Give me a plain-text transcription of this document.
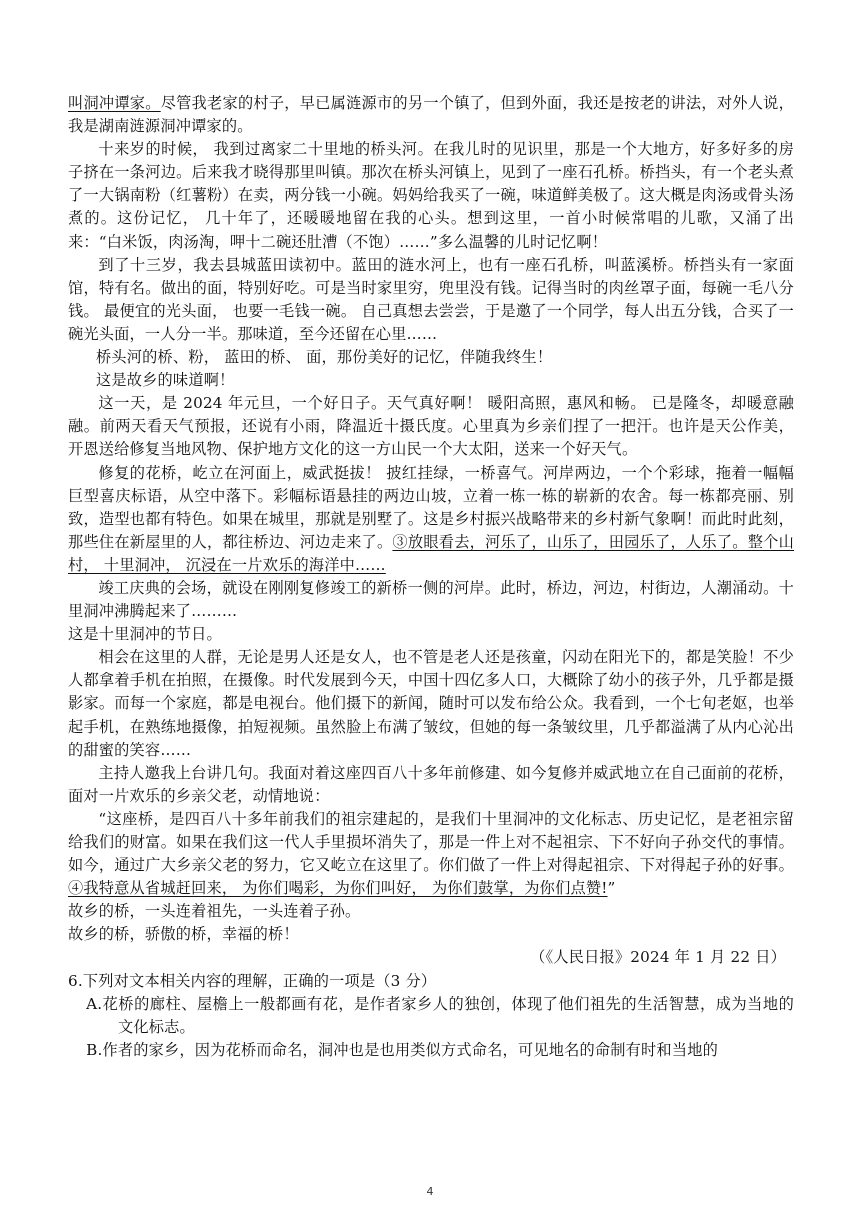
叫洞冲谭家。尽管我老家的村子，早已属涟源市的另一个镇了，但到外面，我还是按老的讲法，对外人说，我是湖南涟源洞冲谭家的。

十来岁的时候， 我到过离家二十里地的桥头河。在我儿时的见识里，那是一个大地方，好多好多的房子挤在一条河边。后来我才晓得那里叫镇。那次在桥头河镇上，见到了一座石孔桥。桥挡头，有一个老头煮了一大锅南粉（红薯粉）在卖，两分钱一小碗。妈妈给我买了一碗，味道鲜美极了。这大概是肉汤或骨头汤煮的。这份记忆， 几十年了，还暖暖地留在我的心头。想到这里，一首小时候常唱的儿歌，又涌了出来：“白米饭，肉汤淘，呷十二碗还肚漕（不饱）……”多么温馨的儿时记忆啊！

到了十三岁，我去县城蓝田读初中。蓝田的涟水河上，也有一座石孔桥，叫蓝溪桥。桥挡头有一家面馆，特有名。做出的面，特别好吃。可是当时家里穷，兜里没有钱。记得当时的肉丝罩子面，每碗一毛八分钱。 最便宜的光头面， 也要一毛钱一碗。 自己真想去尝尝，于是邀了一个同学，每人出五分钱，合买了一碗光头面，一人分一半。那味道，至今还留在心里……

桥头河的桥、粉， 蓝田的桥、 面，那份美好的记忆，伴随我终生！

这是故乡的味道啊！

这一天，是 2024 年元旦，一个好日子。天气真好啊！ 暖阳高照，惠风和畅。 已是隆冬，却暖意融融。前两天看天气预报，还说有小雨，降温近十摄氏度。心里真为乡亲们捏了一把汗。也许是天公作美， 开恩送给修复当地风物、保护地方文化的这一方山民一个大太阳，送来一个好天气。

修复的花桥，屹立在河面上，威武挺拔！ 披红挂绿，一桥喜气。河岸两边，一个个彩球，拖着一幅幅巨型喜庆标语，从空中落下。彩幅标语悬挂的两边山坡，立着一栋一栋的崭新的农舍。每一栋都亮丽、别致，造型也都有特色。如果在城里，那就是别墅了。这是乡村振兴战略带来的乡村新气象啊！而此时此刻，那些住在新屋里的人，都往桥边、河边走来了。③放眼看去，河乐了，山乐了，田园乐了，人乐了。整个山村， 十里洞冲， 沉浸在一片欢乐的海洋中……

竣工庆典的会场，就设在刚刚复修竣工的新桥一侧的河岸。此时，桥边，河边，村街边，人潮涌动。十里洞冲沸腾起来了………

这是十里洞冲的节日。

相会在这里的人群，无论是男人还是女人，也不管是老人还是孩童，闪动在阳光下的，都是笑脸！不少人都拿着手机在拍照，在摄像。时代发展到今天，中国十四亿多人口，大概除了幼小的孩子外，几乎都是摄影家。而每一个家庭，都是电视台。他们摄下的新闻，随时可以发布给公众。我看到，一个七旬老妪，也举起手机，在熟练地摄像，拍短视频。虽然脸上布满了皱纹，但她的每一条皱纹里，几乎都溢满了从内心沁出的甜蜜的笑容……

主持人邀我上台讲几句。我面对着这座四百八十多年前修建、如今复修并威武地立在自己面前的花桥，面对一片欢乐的乡亲父老，动情地说：

“这座桥，是四百八十多年前我们的祖宗建起的，是我们十里洞冲的文化标志、历史记忆，是老祖宗留给我们的财富。如果在我们这一代人手里损坏消失了，那是一件上对不起祖宗、下不好向子孙交代的事情。如今，通过广大乡亲父老的努力，它又屹立在这里了。你们做了一件上对得起祖宗、下对得起子孙的好事。④我特意从省城赶回来， 为你们喝彩，为你们叫好， 为你们鼓掌，为你们点赞!”

故乡的桥，一头连着祖先，一头连着子孙。

故乡的桥，骄傲的桥，幸福的桥！

（《人民日报》2024 年 1 月 22 日）

6.下列对文本相关内容的理解，正确的一项是（3 分）

A.花桥的廊柱、屋檐上一般都画有花，是作者家乡人的独创，体现了他们祖先的生活智慧，成为当地的文化标志。

B.作者的家乡，因为花桥而命名，洞冲也是也用类似方式命名，可见地名的命制有时和当地的

4
